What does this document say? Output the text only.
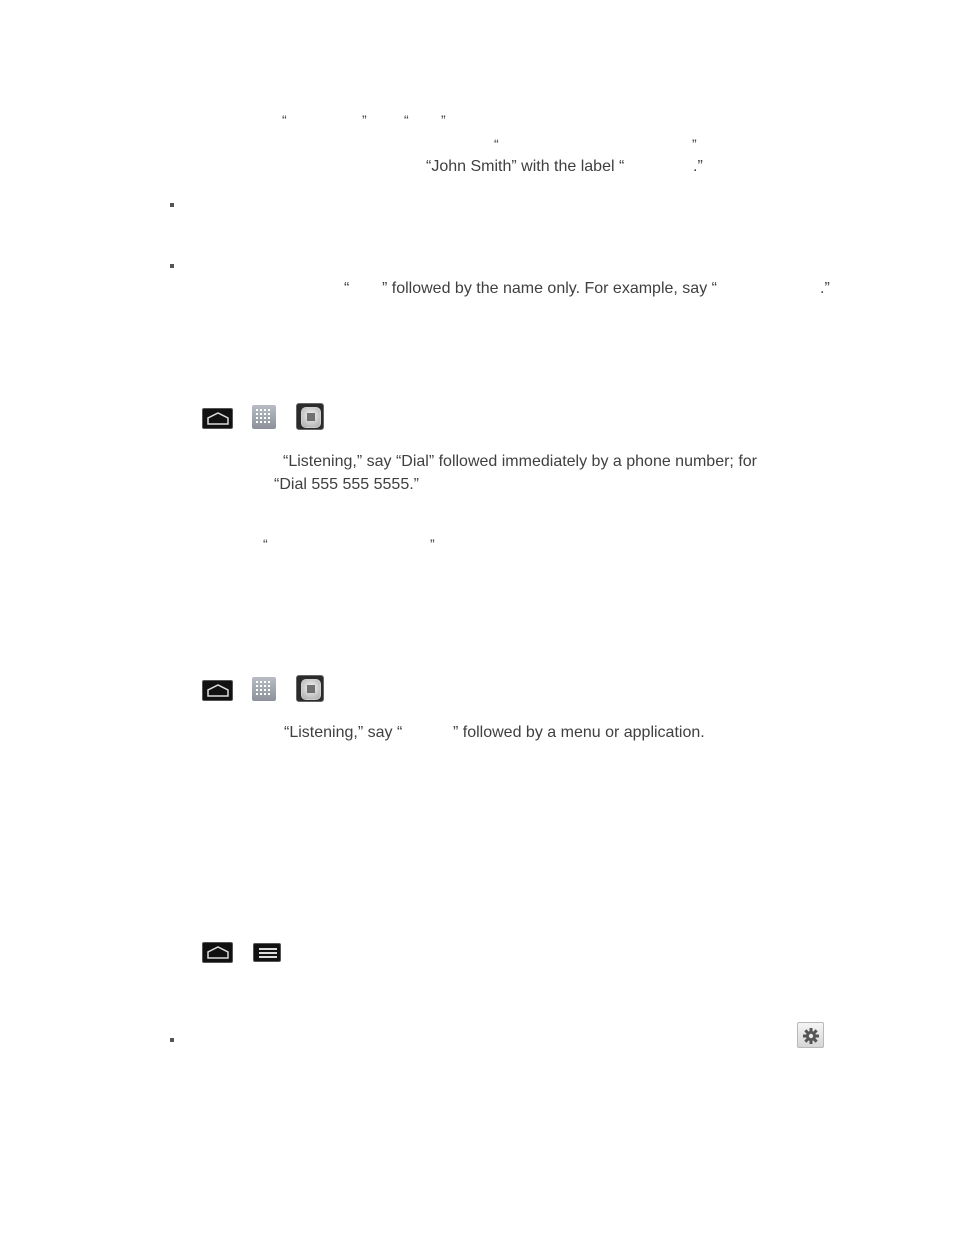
“	”	“ ”
“	”
“John Smith” with the label “	.”
“ ” followed by the name only. For example, say “	.”
“Listening,” say “Dial” followed immediately by a phone number; for
“Dial 555 555 5555.”
“	”
“Listening,” say “	” followed by a menu or application.
